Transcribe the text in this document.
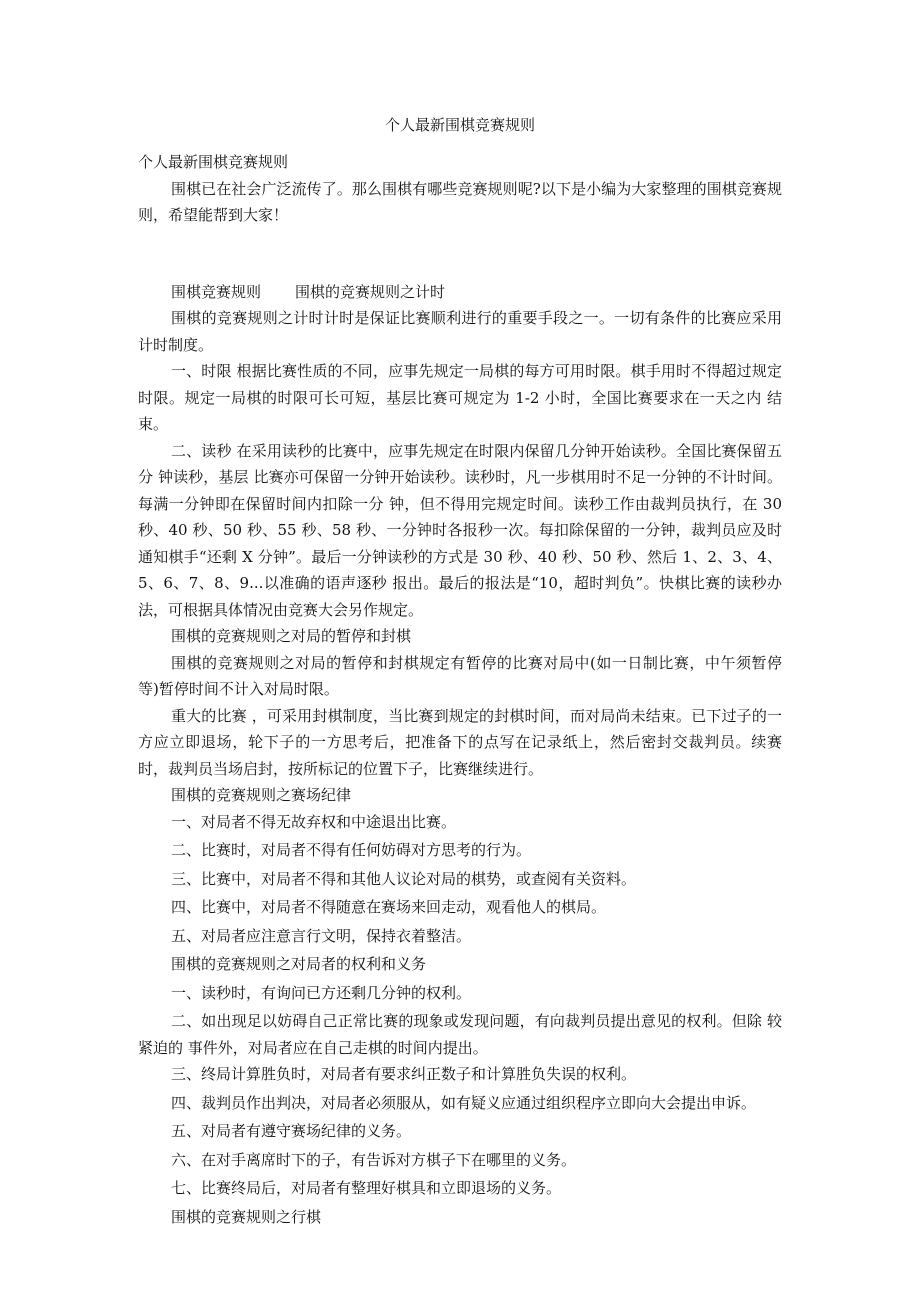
个人最新围棋竞赛规则

个人最新围棋竞赛规则

围棋已在社会广泛流传了。那么围棋有哪些竞赛规则呢?以下是小编为大家整理的围棋竞赛规则，希望能帮到大家！

围棋竞赛规则 围棋的竞赛规则之计时

围棋的竞赛规则之计时计时是保证比赛顺利进行的重要手段之一。一切有条件的比赛应采用计时制度。

一、时限 根据比赛性质的不同，应事先规定一局棋的每方可用时限。棋手用时不得超过规定时限。规定一局棋的时限可长可短，基层比赛可规定为 1-2 小时，全国比赛要求在一天之内 结束。

二、读秒 在采用读秒的比赛中，应事先规定在时限内保留几分钟开始读秒。全国比赛保留五分 钟读秒，基层 比赛亦可保留一分钟开始读秒。读秒时，凡一步棋用时不足一分钟的不计时间。每满一分钟即在保留时间内扣除一分 钟，但不得用完规定时间。读秒工作由裁判员执行，在 30 秒、40 秒、50 秒、55 秒、58 秒、一分钟时各报秒一次。每扣除保留的一分钟，裁判员应及时通知棋手“还剩 X 分钟”。最后一分钟读秒的方式是 30 秒、40 秒、50 秒、然后 1、2、3、4、5、6、7、8、9...以准确的语声逐秒 报出。最后的报法是“10，超时判负”。快棋比赛的读秒办法，可根据具体情况由竞赛大会另作规定。

围棋的竞赛规则之对局的暂停和封棋

围棋的竞赛规则之对局的暂停和封棋规定有暂停的比赛对局中(如一日制比赛，中午须暂停等)暂停时间不计入对局时限。

重大的比赛 ，可采用封棋制度，当比赛到规定的封棋时间，而对局尚未结束。已下过子的一方应立即退场，轮下子的一方思考后，把准备下的点写在记录纸上，然后密封交裁判员。续赛时，裁判员当场启封，按所标记的位置下子，比赛继续进行。

围棋的竞赛规则之赛场纪律

一、对局者不得无故弃权和中途退出比赛。

二、比赛时，对局者不得有任何妨碍对方思考的行为。

三、比赛中，对局者不得和其他人议论对局的棋势，或查阅有关资料。

四、比赛中，对局者不得随意在赛场来回走动，观看他人的棋局。

五、对局者应注意言行文明，保持衣着整洁。

围棋的竞赛规则之对局者的权利和义务

一、读秒时，有询问已方还剩几分钟的权利。

二、如出现足以妨碍自己正常比赛的现象或发现问题，有向裁判员提出意见的权利。但除 较紧迫的 事件外，对局者应在自己走棋的时间内提出。

三、终局计算胜负时，对局者有要求纠正数子和计算胜负失误的权利。

四、裁判员作出判决，对局者必须服从，如有疑义应通过组织程序立即向大会提出申诉。

五、对局者有遵守赛场纪律的义务。

六、在对手离席时下的子，有告诉对方棋子下在哪里的义务。

七、比赛终局后，对局者有整理好棋具和立即退场的义务。

围棋的竞赛规则之行棋
